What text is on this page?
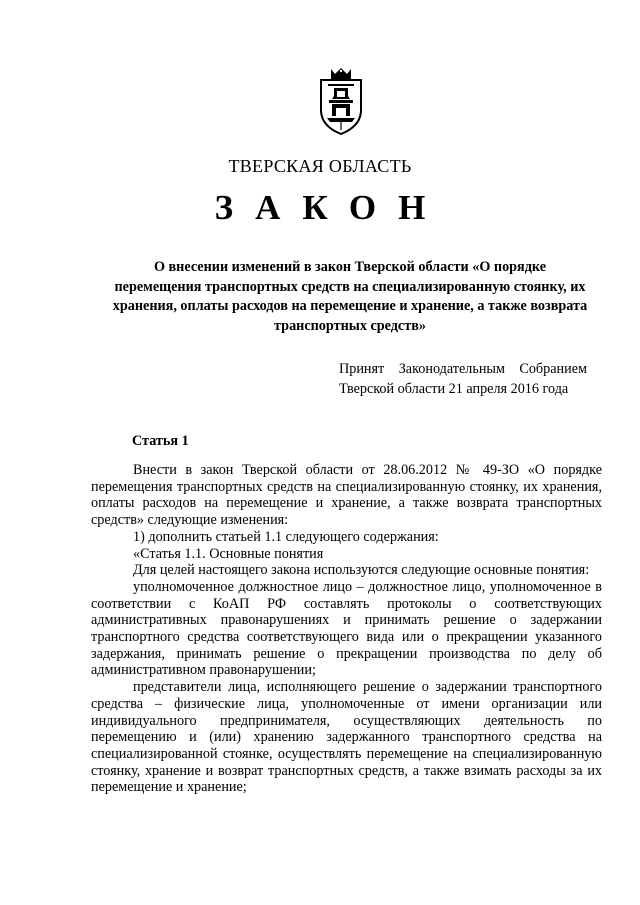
ТВЕРСКАЯ ОБЛАСТЬ
ЗАКОН
О внесении изменений в закон Тверской области «О порядке перемещения транспортных средств на специализированную стоянку, их хранения, оплаты расходов на перемещение и хранение, а также возврата транспортных средств»
Принят Законодательным Собранием
Тверской области 21 апреля 2016 года
Статья 1

Внести в закон Тверской области от 28.06.2012 № 49-ЗО «О порядке перемещения транспортных средств на специализированную стоянку, их хранения, оплаты расходов на перемещение и хранение, а также возврата транспортных средств» следующие изменения:

1) дополнить статьей 1.1 следующего содержания:

«Статья 1.1. Основные понятия

Для целей настоящего закона используются следующие основные понятия:

уполномоченное должностное лицо – должностное лицо, уполномоченное в соответствии с КоАП РФ составлять протоколы о соответствующих административных правонарушениях и принимать решение о задержании транспортного средства соответствующего вида или о прекращении указанного задержания, принимать решение о прекращении производства по делу об административном правонарушении;

представители лица, исполняющего решение о задержании транспортного средства – физические лица, уполномоченные от имени организации или индивидуального предпринимателя, осуществляющих деятельность по перемещению и (или) хранению задержанного транспортного средства на специализированной стоянке, осуществлять перемещение на специализированную стоянку, хранение и возврат транспортных средств, а также взимать расходы за их перемещение и хранение;
